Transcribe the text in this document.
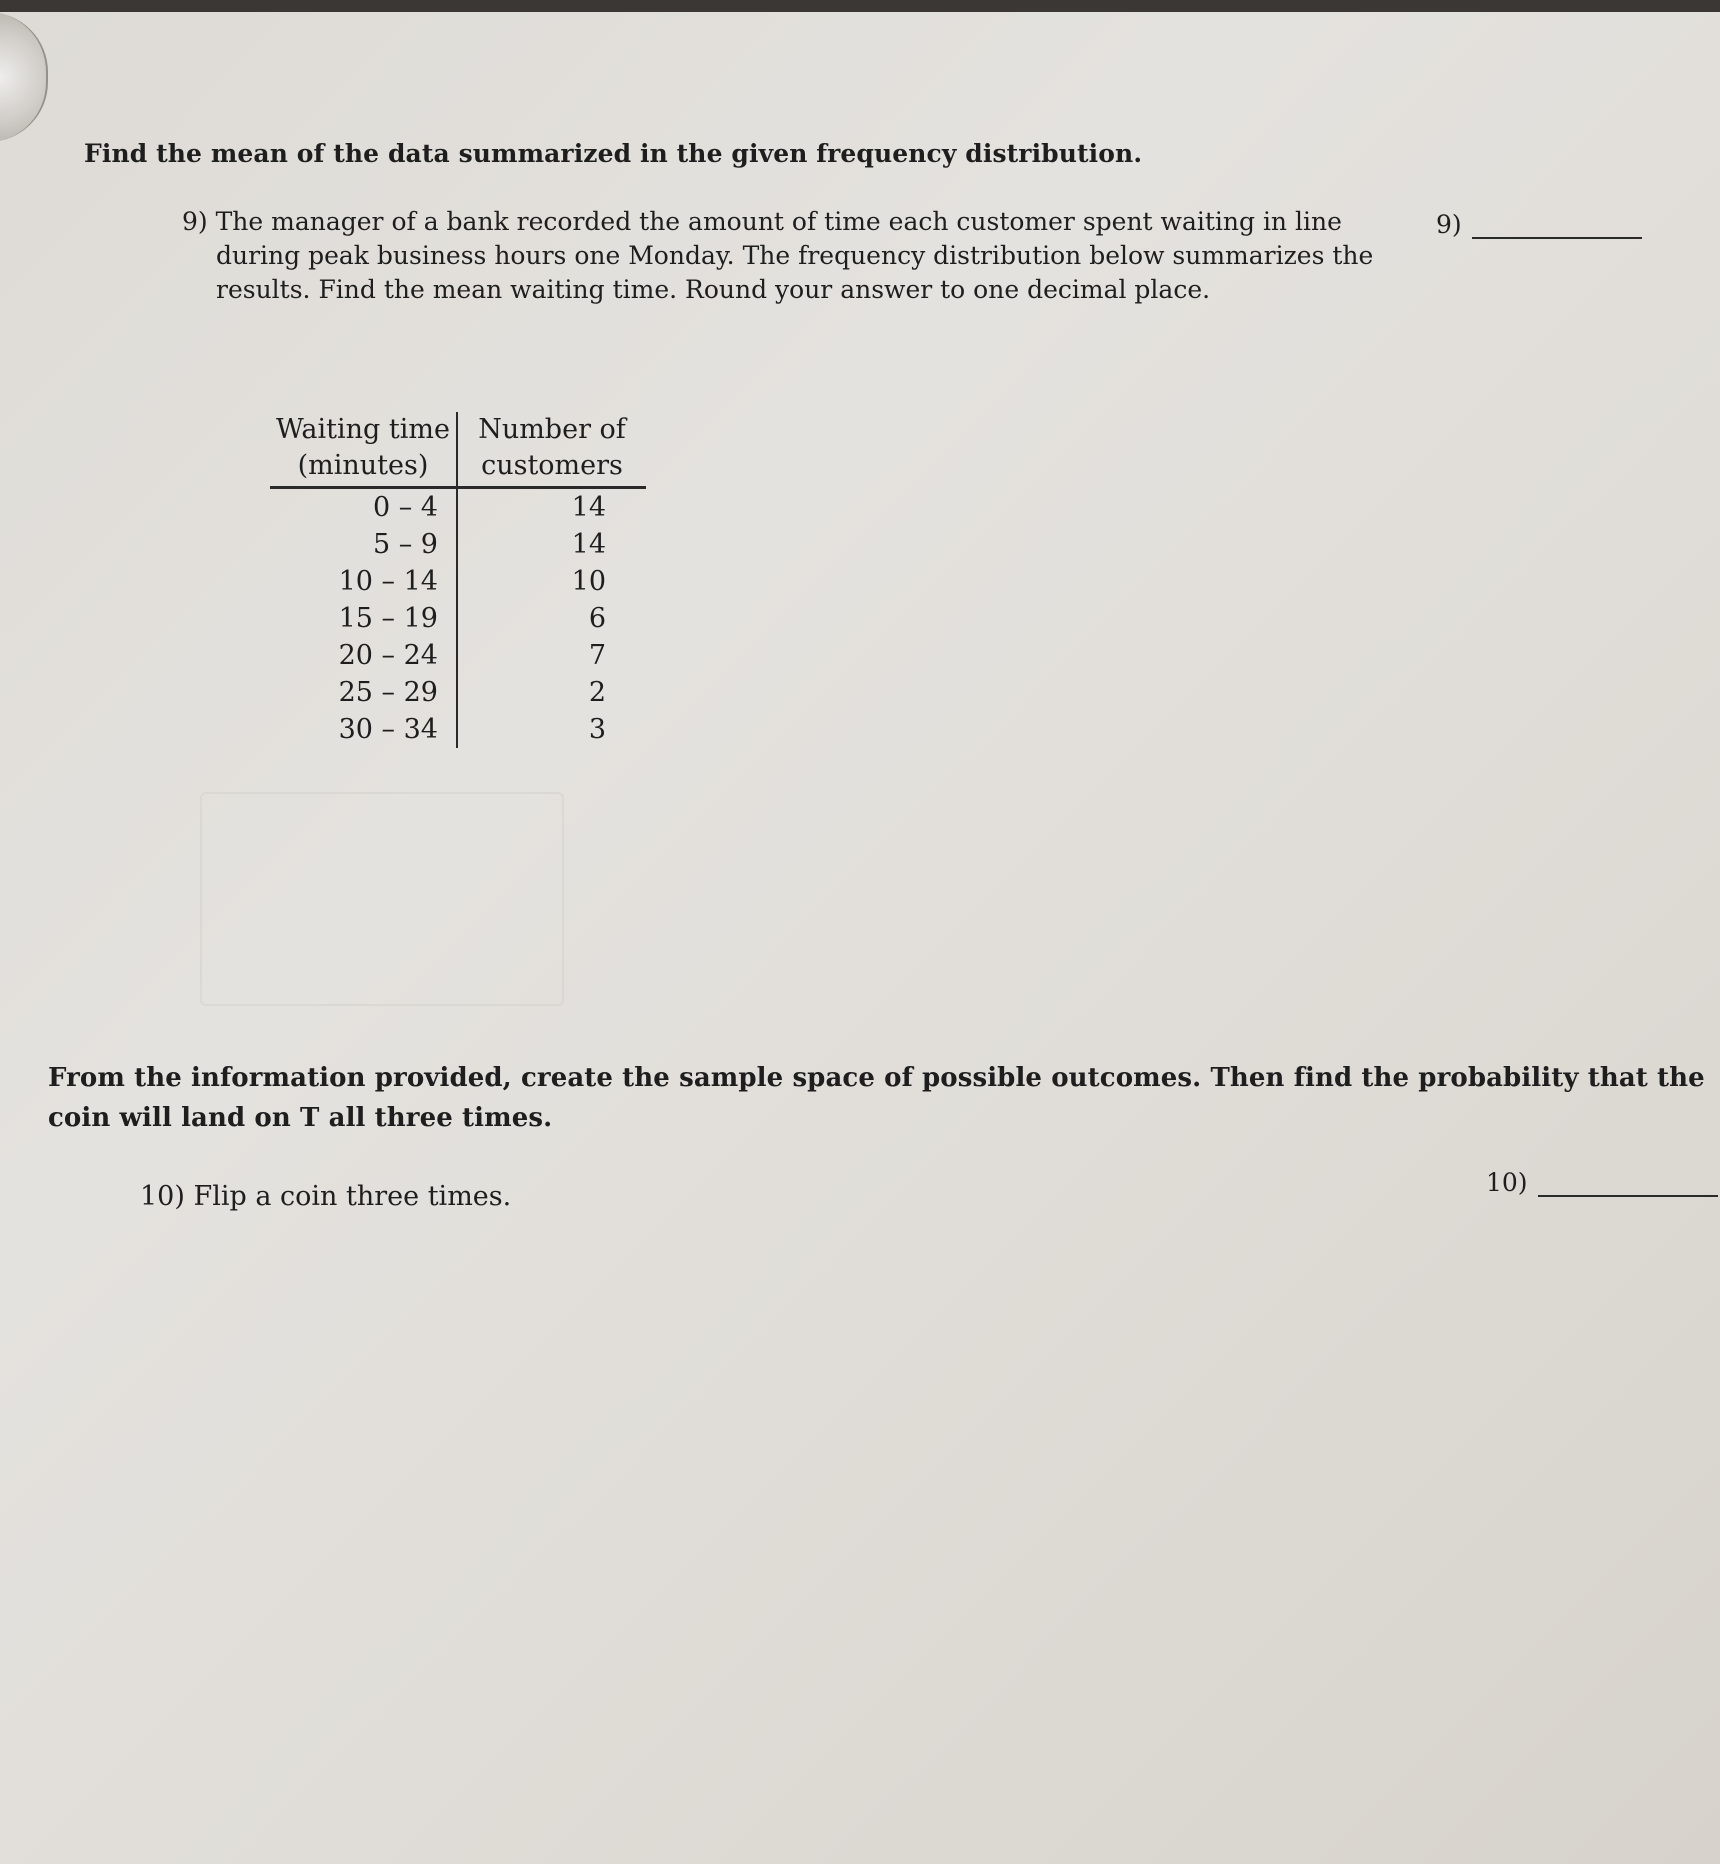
Find the mean of the data summarized in the given frequency distribution.
9) The manager of a bank recorded the amount of time each customer spent waiting in line during peak business hours one Monday. The frequency distribution below summarizes the results. Find the mean waiting time. Round your answer to one decimal place.
9)
Waiting time
(minutes)
Number of
customers
0 – 4
5 – 9
10 – 14
15 – 19
20 – 24
25 – 29
30 – 34
14
14
10
6
7
2
3
From the information provided, create the sample space of possible outcomes. Then find the probability that the coin will land on T all three times.
10) Flip a coin three times.	10)
